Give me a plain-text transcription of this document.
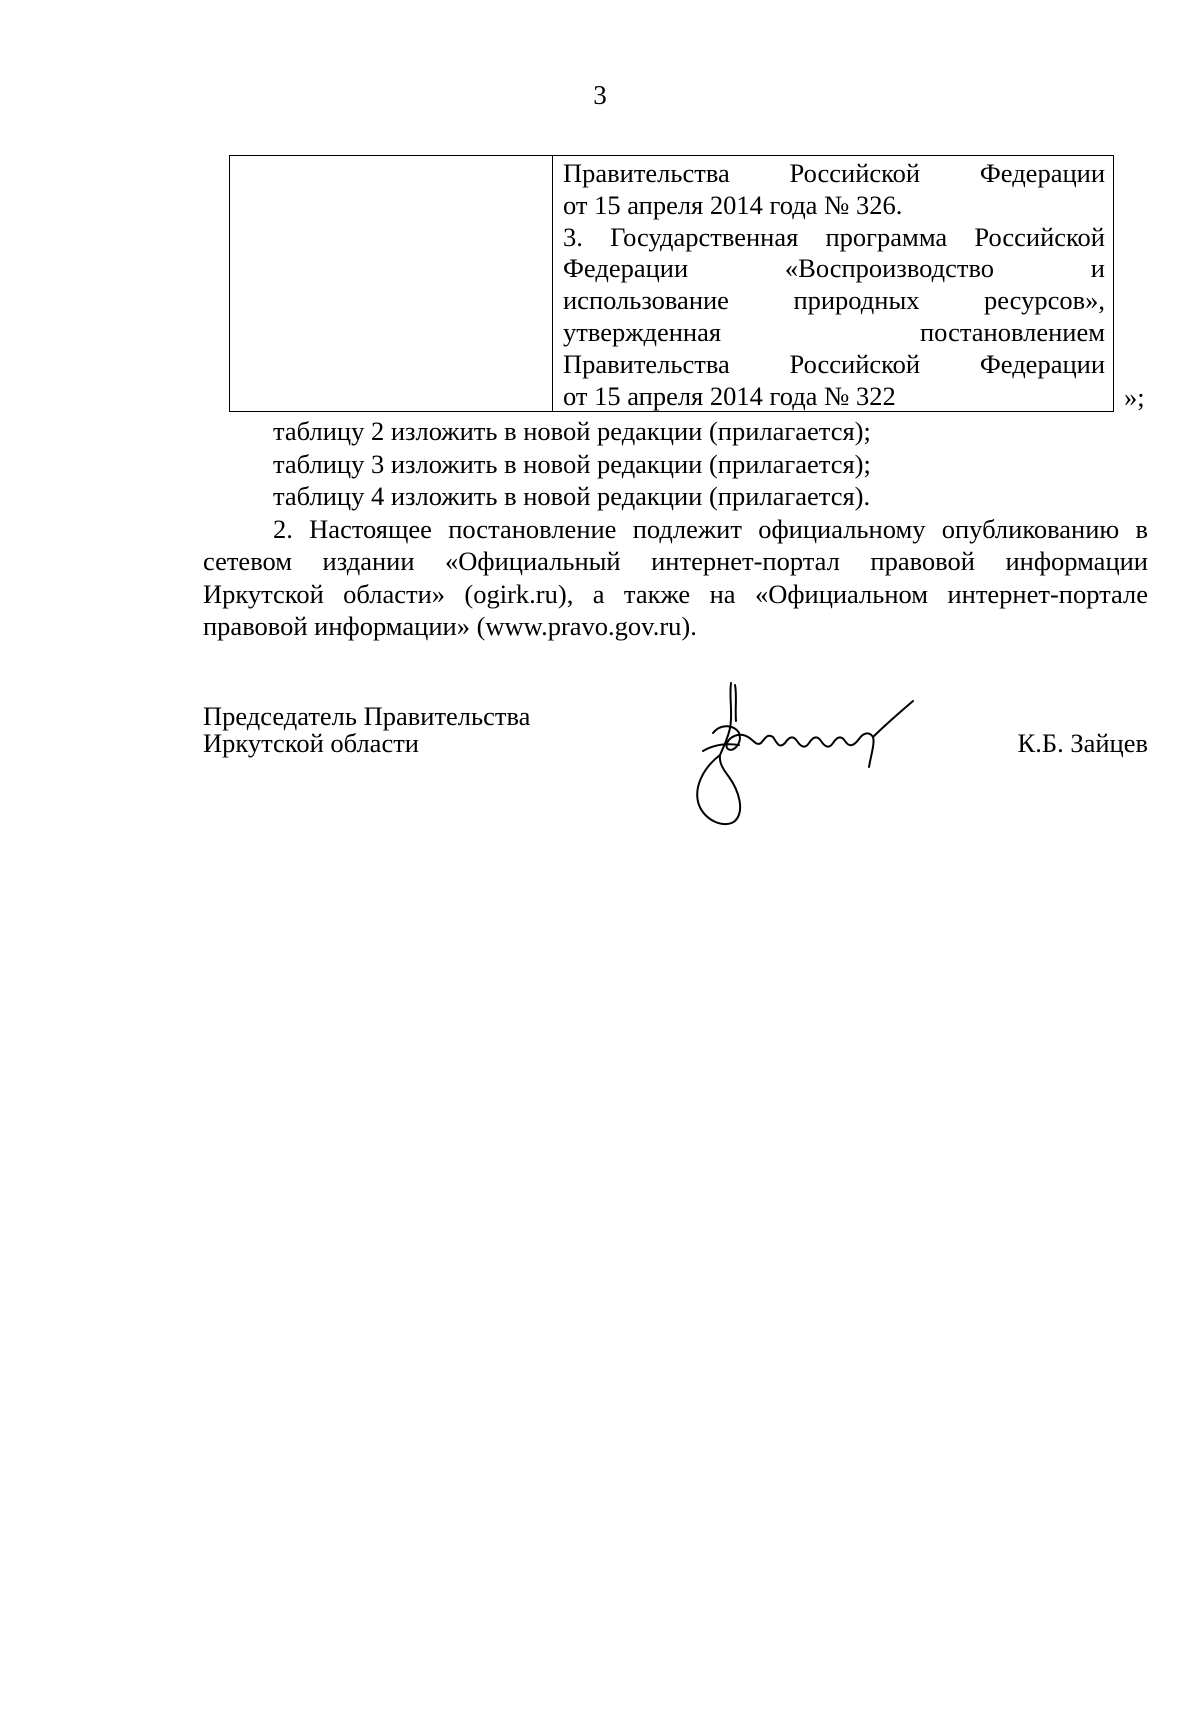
3

Правительства Российской Федерации

от 15 апреля 2014 года № 326.

3. Государственная программа Российской

Федерации «Воспроизводство и

использование природных ресурсов»,

утвержденная постановлением

Правительства Российской Федерации

от 15 апреля 2014 года № 322	»;

таблицу 2 изложить в новой редакции (прилагается);

таблицу 3 изложить в новой редакции (прилагается);

таблицу 4 изложить в новой редакции (прилагается).

2. Настоящее постановление подлежит официальному опубликованию в

сетевом издании «Официальный интернет-портал правовой информации

Иркутской области» (ogirk.ru), а также на «Официальном интернет-портале

правовой информации» (www.pravo.gov.ru).

Председатель Правительства

Иркутской области	К.Б. Зайцев
